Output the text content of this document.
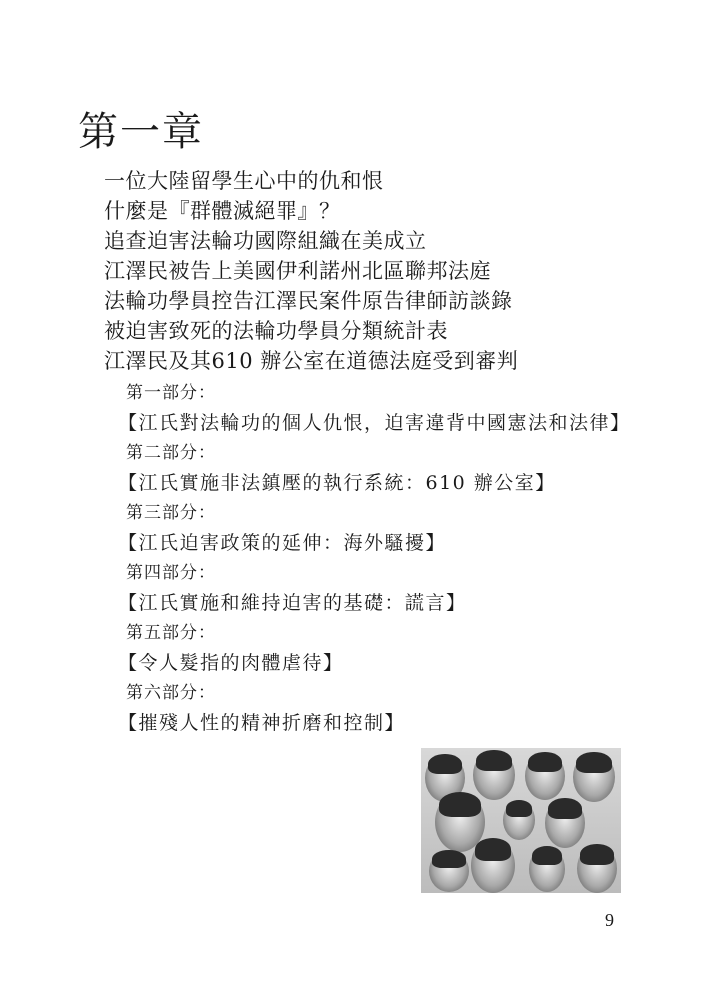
第一章
一位大陸留學生心中的仇和恨
什麼是『群體滅絕罪』？
追查迫害法輪功國際組織在美成立
江澤民被告上美國伊利諾州北區聯邦法庭
法輪功學員控告江澤民案件原告律師訪談錄
被迫害致死的法輪功學員分類統計表
江澤民及其610 辦公室在道德法庭受到審判
第一部分：
【江氏對法輪功的個人仇恨，迫害違背中國憲法和法律】
第二部分：
【江氏實施非法鎮壓的執行系統：610 辦公室】
第三部分：
【江氏迫害政策的延伸：海外騷擾】
第四部分：
【江氏實施和維持迫害的基礎：謊言】
第五部分：
【令人髮指的肉體虐待】
第六部分：
【摧殘人性的精神折磨和控制】
9
